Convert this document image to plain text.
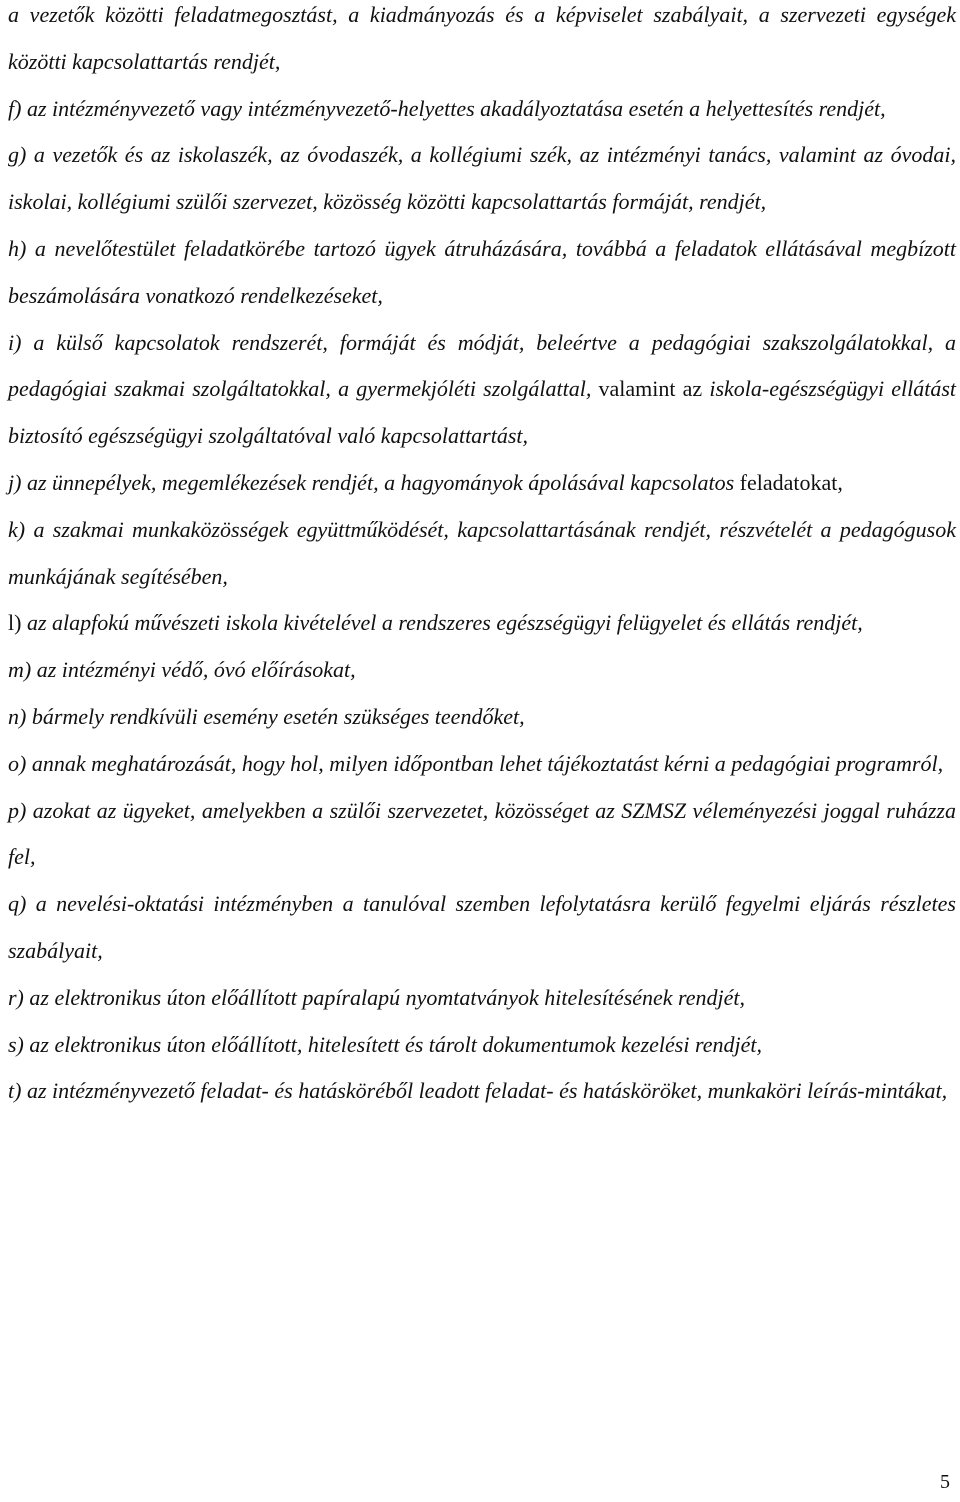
a vezetők közötti feladatmegosztást, a kiadmányozás és a képviselet szabályait, a szervezeti egységek közötti kapcsolattartás rendjét,

f) az intézményvezető vagy intézményvezető-helyettes akadályoztatása esetén a helyettesítés rendjét,

g) a vezetők és az iskolaszék, az óvodaszék, a kollégiumi szék, az intézményi tanács, valamint az óvodai, iskolai, kollégiumi szülői szervezet, közösség közötti kapcsolattartás formáját, rendjét,

h) a nevelőtestület feladatkörébe tartozó ügyek átruházására, továbbá a feladatok ellátásával megbízott beszámolására vonatkozó rendelkezéseket,

i) a külső kapcsolatok rendszerét, formáját és módját, beleértve a pedagógiai szakszolgálatokkal, a pedagógiai szakmai szolgáltatokkal, a gyermekjóléti szolgálattal, valamint az iskola-egészségügyi ellátást biztosító egészségügyi szolgáltatóval való kapcsolattartást,

j) az ünnepélyek, megemlékezések rendjét, a hagyományok ápolásával kapcsolatos feladatokat,

k) a szakmai munkaközösségek együttműködését, kapcsolattartásának rendjét, részvételét a pedagógusok munkájának segítésében,

l) az alapfokú művészeti iskola kivételével a rendszeres egészségügyi felügyelet és ellátás rendjét,

m) az intézményi védő, óvó előírásokat,

n) bármely rendkívüli esemény esetén szükséges teendőket,

o) annak meghatározását, hogy hol, milyen időpontban lehet tájékoztatást kérni a pedagógiai programról,

p) azokat az ügyeket, amelyekben a szülői szervezetet, közösséget az SZMSZ véleményezési joggal ruházza fel,

q) a nevelési-oktatási intézményben a tanulóval szemben lefolytatásra kerülő fegyelmi eljárás részletes szabályait,

r) az elektronikus úton előállított papíralapú nyomtatványok hitelesítésének rendjét,

s) az elektronikus úton előállított, hitelesített és tárolt dokumentumok kezelési rendjét,

t) az intézményvezető feladat- és hatásköréből leadott feladat- és hatásköröket, munkaköri leírás-mintákat,

5
